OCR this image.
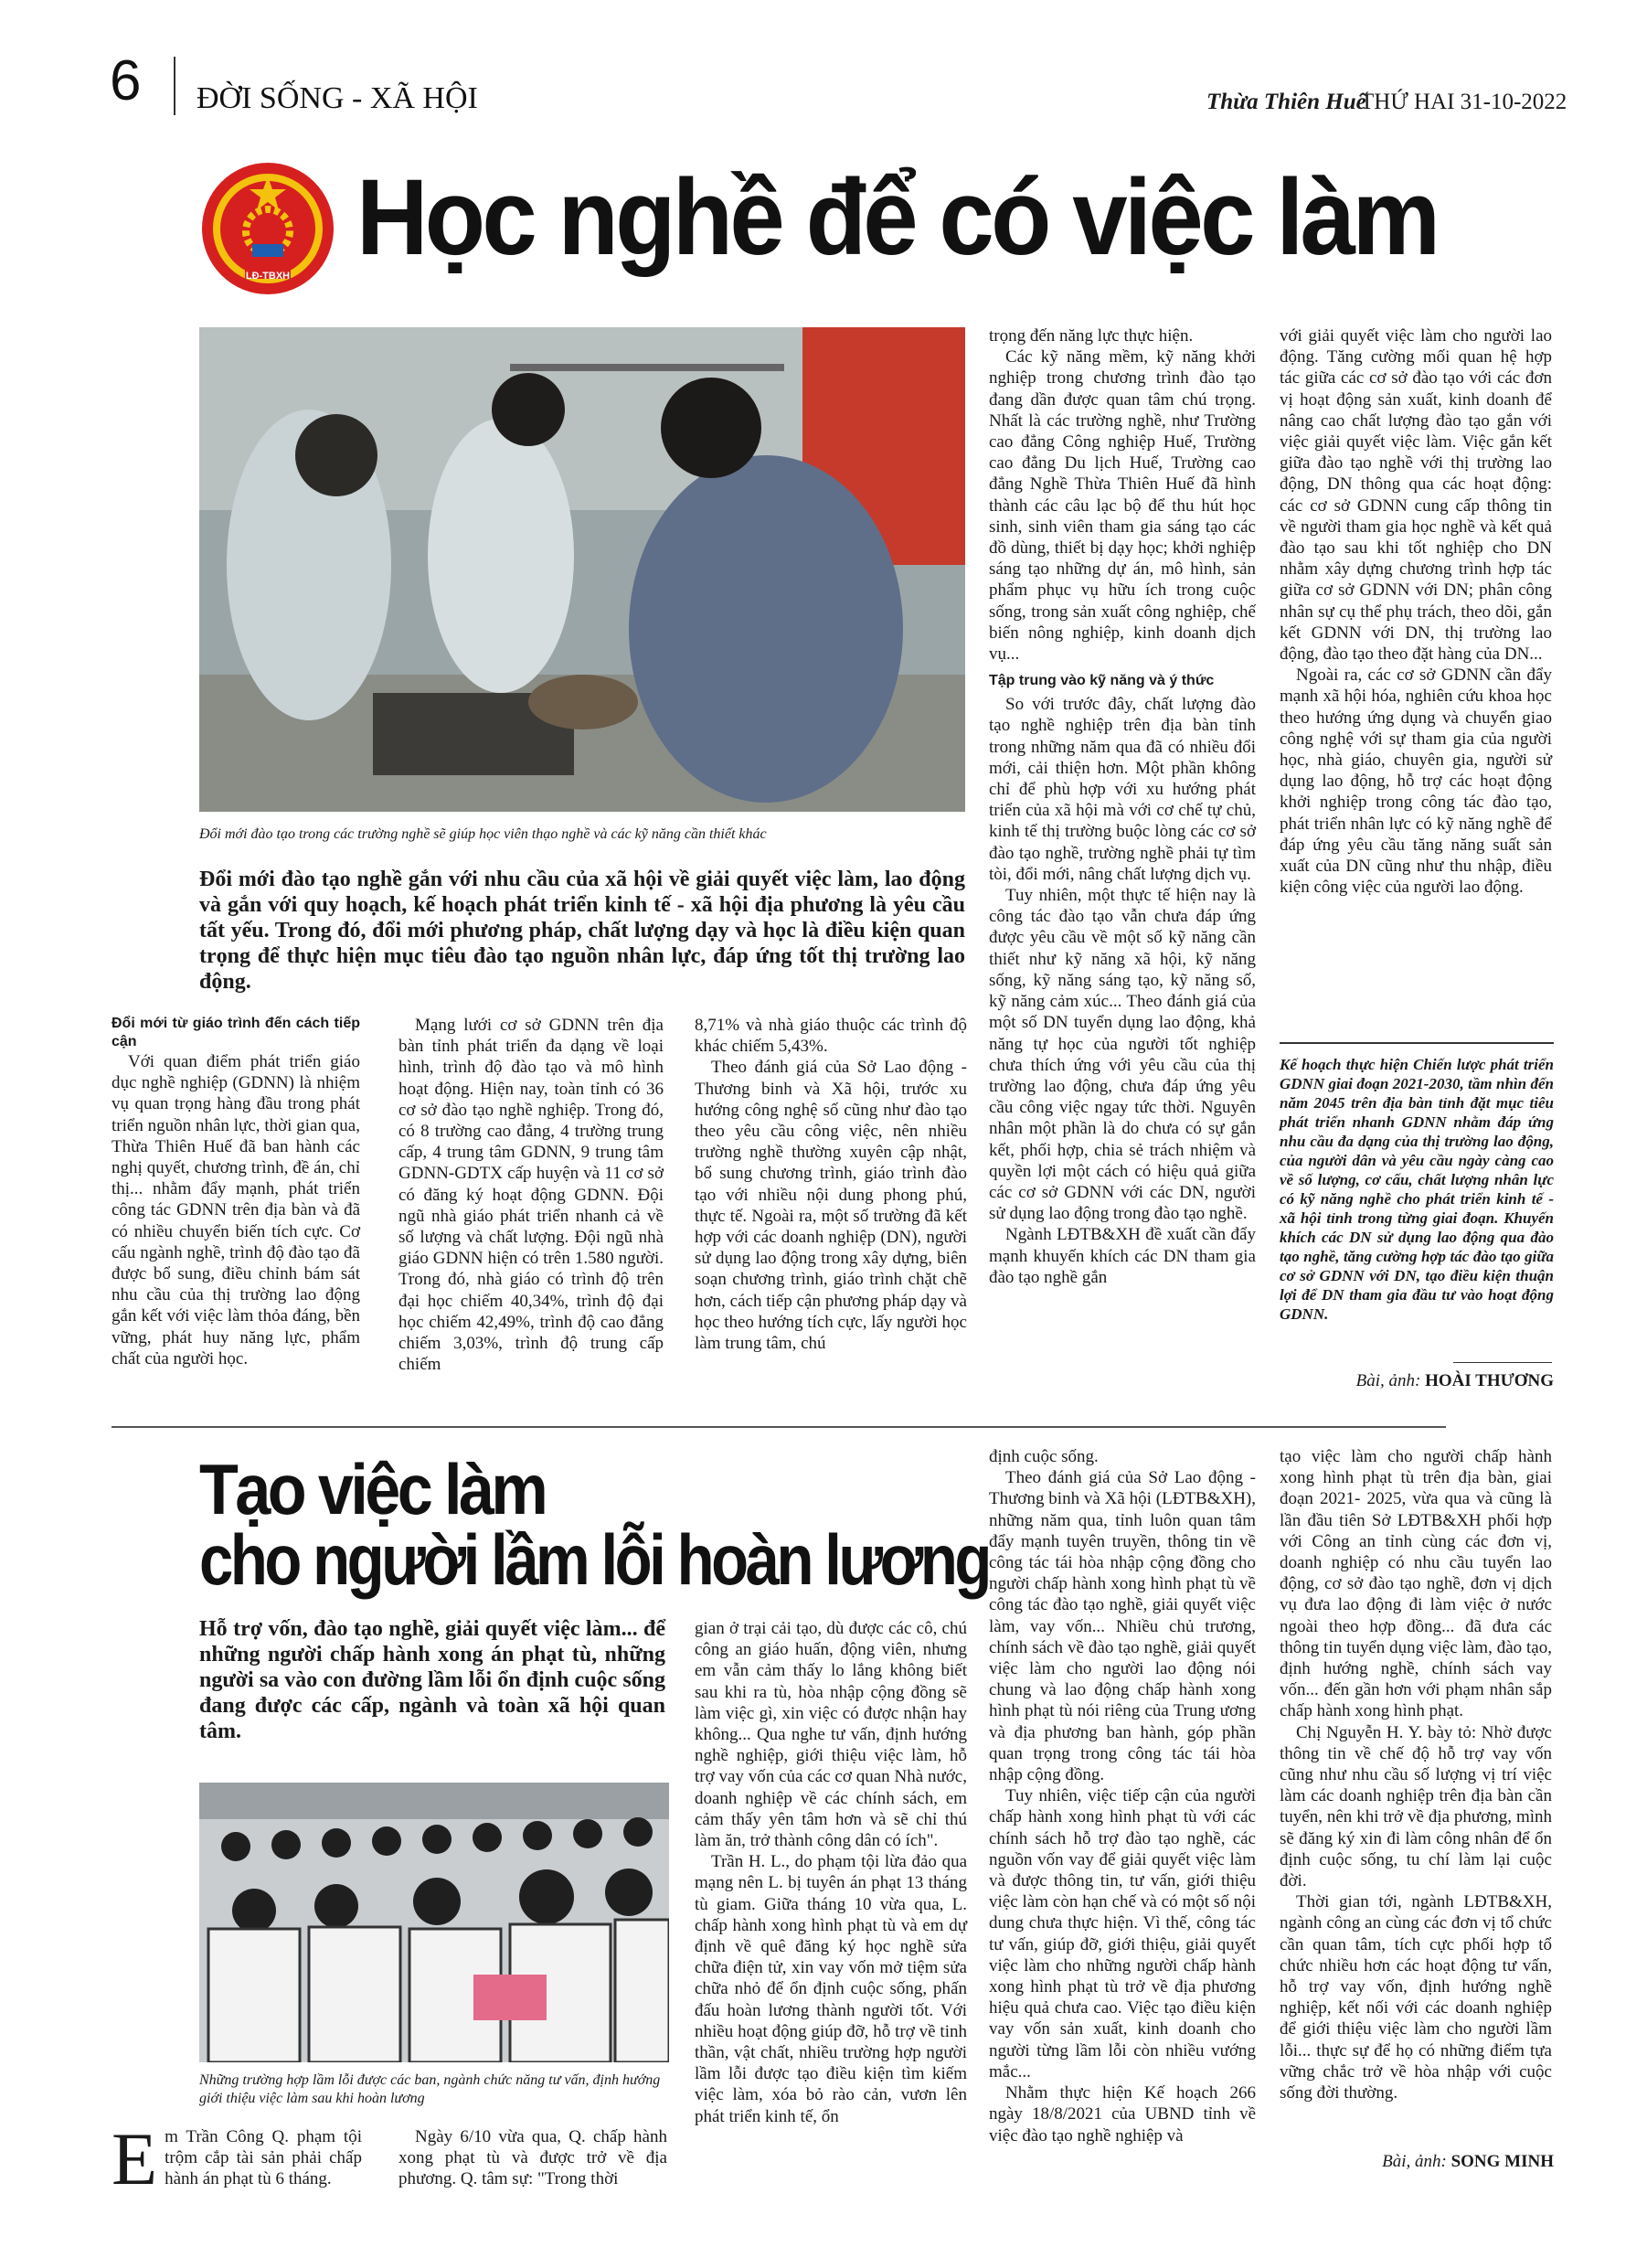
6 ĐỜI SỐNG - XÃ HỘI	Thừa Thiên Huế
THỨ HAI 31-10-2022
LĐ-TBXH Học nghề để có việc làm
Đổi mới đào tạo trong các trường nghề sẽ giúp học viên thạo nghề và các kỹ năng cần thiết khác
Đổi mới đào tạo nghề gắn với nhu cầu của xã hội về giải quyết việc làm, lao động và gắn với quy hoạch, kế hoạch phát triển kinh tế - xã hội địa phương là yêu cầu tất yếu. Trong đó, đổi mới phương pháp, chất lượng dạy và học là điều kiện quan trọng để thực hiện mục tiêu đào tạo nguồn nhân lực, đáp ứng tốt thị trường lao động.
Đổi mới từ giáo trình đến cách tiếp cận

Với quan điểm phát triển giáo dục nghề nghiệp (GDNN) là nhiệm vụ quan trọng hàng đầu trong phát triển nguồn nhân lực, thời gian qua, Thừa Thiên Huế đã ban hành các nghị quyết, chương trình, đề án, chỉ thị... nhằm đẩy mạnh, phát triển công tác GDNN trên địa bàn và đã có nhiều chuyển biến tích cực. Cơ cấu ngành nghề, trình độ đào tạo đã được bổ sung, điều chỉnh bám sát nhu cầu của thị trường lao động gắn kết với việc làm thỏa đáng, bền vững, phát huy năng lực, phẩm chất của người học.

Mạng lưới cơ sở GDNN trên địa bàn tỉnh phát triển đa dạng về loại hình, trình độ đào tạo và mô hình hoạt động. Hiện nay, toàn tỉnh có 36 cơ sở đào tạo nghề nghiệp. Trong đó, có 8 trường cao đẳng, 4 trường trung cấp, 4 trung tâm GDNN, 9 trung tâm GDNN-GDTX cấp huyện và 11 cơ sở có đăng ký hoạt động GDNN. Đội ngũ nhà giáo phát triển nhanh cả về số lượng và chất lượng. Đội ngũ nhà giáo GDNN hiện có trên 1.580 người. Trong đó, nhà giáo có trình độ trên đại học chiếm 40,34%, trình độ đại học chiếm 42,49%, trình độ cao đẳng chiếm 3,03%, trình độ trung cấp chiếm

8,71% và nhà giáo thuộc các trình độ khác chiếm 5,43%.

Theo đánh giá của Sở Lao động - Thương binh và Xã hội, trước xu hướng công nghệ số cũng như đào tạo theo yêu cầu công việc, nên nhiều trường nghề thường xuyên cập nhật, bổ sung chương trình, giáo trình đào tạo với nhiều nội dung phong phú, thực tế. Ngoài ra, một số trường đã kết hợp với các doanh nghiệp (DN), người sử dụng lao động trong xây dựng, biên soạn chương trình, giáo trình chặt chẽ hơn, cách tiếp cận phương pháp dạy và học theo hướng tích cực, lấy người học làm trung tâm, chú

trọng đến năng lực thực hiện.

Các kỹ năng mềm, kỹ năng khởi nghiệp trong chương trình đào tạo đang dần được quan tâm chú trọng. Nhất là các trường nghề, như Trường cao đẳng Công nghiệp Huế, Trường cao đẳng Du lịch Huế, Trường cao đẳng Nghề Thừa Thiên Huế đã hình thành các câu lạc bộ để thu hút học sinh, sinh viên tham gia sáng tạo các đồ dùng, thiết bị dạy học; khởi nghiệp sáng tạo những dự án, mô hình, sản phẩm phục vụ hữu ích trong cuộc sống, trong sản xuất công nghiệp, chế biến nông nghiệp, kinh doanh dịch vụ...

Tập trung vào kỹ năng và ý thức

So với trước đây, chất lượng đào tạo nghề nghiệp trên địa bàn tỉnh trong những năm qua đã có nhiều đổi mới, cải thiện hơn. Một phần không chỉ để phù hợp với xu hướng phát triển của xã hội mà với cơ chế tự chủ, kinh tế thị trường buộc lòng các cơ sở đào tạo nghề, trường nghề phải tự tìm tòi, đổi mới, nâng chất lượng dịch vụ.

Tuy nhiên, một thực tế hiện nay là công tác đào tạo vẫn chưa đáp ứng được yêu cầu về một số kỹ năng cần thiết như kỹ năng xã hội, kỹ năng sống, kỹ năng sáng tạo, kỹ năng số, kỹ năng cảm xúc... Theo đánh giá của một số DN tuyển dụng lao động, khả năng tự học của người tốt nghiệp chưa thích ứng với yêu cầu của thị trường lao động, chưa đáp ứng yêu cầu công việc ngay tức thời. Nguyên nhân một phần là do chưa có sự gắn kết, phối hợp, chia sẻ trách nhiệm và quyền lợi một cách có hiệu quả giữa các cơ sở GDNN với các DN, người sử dụng lao động trong đào tạo nghề.

Ngành LĐTB&XH đề xuất cần đẩy mạnh khuyến khích các DN tham gia đào tạo nghề gắn

với giải quyết việc làm cho người lao động. Tăng cường mối quan hệ hợp tác giữa các cơ sở đào tạo với các đơn vị hoạt động sản xuất, kinh doanh để nâng cao chất lượng đào tạo gắn với việc giải quyết việc làm. Việc gắn kết giữa đào tạo nghề với thị trường lao động, DN thông qua các hoạt động: các cơ sở GDNN cung cấp thông tin về người tham gia học nghề và kết quả đào tạo sau khi tốt nghiệp cho DN nhằm xây dựng chương trình hợp tác giữa cơ sở GDNN với DN; phân công nhân sự cụ thể phụ trách, theo dõi, gắn kết GDNN với DN, thị trường lao động, đào tạo theo đặt hàng của DN...

Ngoài ra, các cơ sở GDNN cần đẩy mạnh xã hội hóa, nghiên cứu khoa học theo hướng ứng dụng và chuyển giao công nghệ với sự tham gia của người học, nhà giáo, chuyên gia, người sử dụng lao động, hỗ trợ các hoạt động khởi nghiệp trong công tác đào tạo, phát triển nhân lực có kỹ năng nghề để đáp ứng yêu cầu tăng năng suất sản xuất của DN cũng như thu nhập, điều kiện công việc của người lao động.

Kế hoạch thực hiện Chiến lược phát triển GDNN giai đoạn 2021-2030, tầm nhìn đến năm 2045 trên địa bàn tỉnh đặt mục tiêu phát triển nhanh GDNN nhằm đáp ứng nhu cầu đa dạng của thị trường lao động, của người dân và yêu cầu ngày càng cao về số lượng, cơ cấu, chất lượng nhân lực có kỹ năng nghề cho phát triển kinh tế - xã hội tỉnh trong từng giai đoạn. Khuyến khích các DN sử dụng lao động qua đào tạo nghề, tăng cường hợp tác đào tạo giữa cơ sở GDNN với DN, tạo điều kiện thuận lợi để DN tham gia đầu tư vào hoạt động GDNN.
Bài, ảnh: HOÀI THƯƠNG
Tạo việc làm
cho người lầm lỗi hoàn lương
Hỗ trợ vốn, đào tạo nghề, giải quyết việc làm... để những người chấp hành xong án phạt tù, những người sa vào con đường lầm lỗi ổn định cuộc sống đang được các cấp, ngành và toàn xã hội quan tâm.
Những trường hợp lầm lỗi được các ban, ngành chức năng tư vấn, định hướng giới thiệu việc làm sau khi hoàn lương
E m Trần Công Q. phạm tội trộm cắp tài sản phải chấp hành án phạt tù 6 tháng.

Ngày 6/10 vừa qua, Q. chấp hành xong phạt tù và được trở về địa phương. Q. tâm sự: "Trong thời

gian ở trại cải tạo, dù được các cô, chú công an giáo huấn, động viên, nhưng em vẫn cảm thấy lo lắng không biết sau khi ra tù, hòa nhập cộng đồng sẽ làm việc gì, xin việc có được nhận hay không... Qua nghe tư vấn, định hướng nghề nghiệp, giới thiệu việc làm, hỗ trợ vay vốn của các cơ quan Nhà nước, doanh nghiệp về các chính sách, em cảm thấy yên tâm hơn và sẽ chỉ thú làm ăn, trở thành công dân có ích".

Trần H. L., do phạm tội lừa đảo qua mạng nên L. bị tuyên án phạt 13 tháng tù giam. Giữa tháng 10 vừa qua, L. chấp hành xong hình phạt tù và em dự định về quê đăng ký học nghề sửa chữa điện tử, xin vay vốn mở tiệm sửa chữa nhỏ để ổn định cuộc sống, phấn đấu hoàn lương thành người tốt. Với nhiều hoạt động giúp đỡ, hỗ trợ về tinh thần, vật chất, nhiều trường hợp người lầm lỗi được tạo điều kiện tìm kiếm việc làm, xóa bỏ rào cản, vươn lên phát triển kinh tế, ổn

định cuộc sống.

Theo đánh giá của Sở Lao động - Thương binh và Xã hội (LĐTB&XH), những năm qua, tỉnh luôn quan tâm đẩy mạnh tuyên truyền, thông tin về công tác tái hòa nhập cộng đồng cho người chấp hành xong hình phạt tù về công tác đào tạo nghề, giải quyết việc làm, vay vốn... Nhiều chủ trương, chính sách về đào tạo nghề, giải quyết việc làm cho người lao động nói chung và lao động chấp hành xong hình phạt tù nói riêng của Trung ương và địa phương ban hành, góp phần quan trọng trong công tác tái hòa nhập cộng đồng.

Tuy nhiên, việc tiếp cận của người chấp hành xong hình phạt tù với các chính sách hỗ trợ đào tạo nghề, các nguồn vốn vay để giải quyết việc làm và được thông tin, tư vấn, giới thiệu việc làm còn hạn chế và có một số nội dung chưa thực hiện. Vì thế, công tác tư vấn, giúp đỡ, giới thiệu, giải quyết việc làm cho những người chấp hành xong hình phạt tù trở về địa phương hiệu quả chưa cao. Việc tạo điều kiện vay vốn sản xuất, kinh doanh cho người từng lầm lỗi còn nhiều vướng mắc...

Nhằm thực hiện Kế hoạch 266 ngày 18/8/2021 của UBND tỉnh về việc đào tạo nghề nghiệp và

tạo việc làm cho người chấp hành xong hình phạt tù trên địa bàn, giai đoạn 2021- 2025, vừa qua và cũng là lần đầu tiên Sở LĐTB&XH phối hợp với Công an tỉnh cùng các đơn vị, doanh nghiệp có nhu cầu tuyển lao động, cơ sở đào tạo nghề, đơn vị dịch vụ đưa lao động đi làm việc ở nước ngoài theo hợp đồng... đã đưa các thông tin tuyển dụng việc làm, đào tạo, định hướng nghề, chính sách vay vốn... đến gần hơn với phạm nhân sắp chấp hành xong hình phạt.

Chị Nguyễn H. Y. bày tỏ: Nhờ được thông tin về chế độ hỗ trợ vay vốn cũng như nhu cầu số lượng vị trí việc làm các doanh nghiệp trên địa bàn cần tuyển, nên khi trở về địa phương, mình sẽ đăng ký xin đi làm công nhân để ổn định cuộc sống, tu chí làm lại cuộc đời.

Thời gian tới, ngành LĐTB&XH, ngành công an cùng các đơn vị tổ chức cần quan tâm, tích cực phối hợp tổ chức nhiều hơn các hoạt động tư vấn, hỗ trợ vay vốn, định hướng nghề nghiệp, kết nối với các doanh nghiệp để giới thiệu việc làm cho người lầm lỗi... thực sự để họ có những điểm tựa vững chắc trở về hòa nhập với cuộc sống đời thường.

Bài, ảnh: SONG MINH
